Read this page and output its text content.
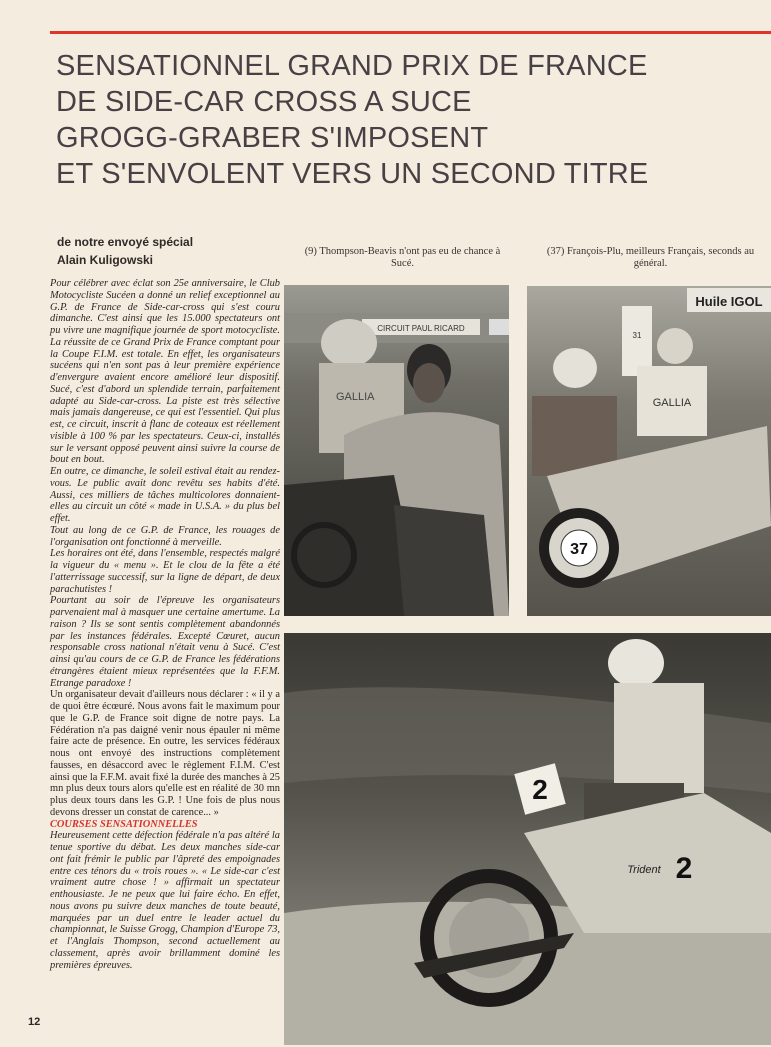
SENSATIONNEL GRAND PRIX DE FRANCE
DE SIDE-CAR CROSS A SUCE
GROGG-GRABER S'IMPOSENT
ET S'ENVOLENT VERS UN SECOND TITRE
de notre envoyé spécial
Alain Kuligowski
(9) Thompson-Beavis n'ont pas eu de chance à Sucé.
(37) François-Plu, meilleurs Français, seconds au général.
CIRCUIT PAUL RICARD
GALLIA
Huile IGOL
31
GALLIA
37
2
Trident 2

Pour célébrer avec éclat son 25e anniversaire, le Club Motocycliste Sucéen a donné un relief exceptionnel au G.P. de France de Side-car-cross qui s'est couru dimanche. C'est ainsi que les 15.000 spectateurs ont pu vivre une magnifique journée de sport motocycliste. La réussite de ce Grand Prix de France comptant pour la Coupe F.I.M. est totale. En effet, les organisateurs sucéens qui n'en sont pas à leur première expérience d'envergure avaient encore amélioré leur dispositif. Sucé, c'est d'abord un splendide terrain, parfaitement adapté au Side-car-cross. La piste est très sélective mais jamais dangereuse, ce qui est l'essentiel. Qui plus est, ce circuit, inscrit à flanc de coteaux est réellement visible à 100 % par les spectateurs. Ceux-ci, installés sur le versant opposé peuvent ainsi suivre la course de bout en bout.

En outre, ce dimanche, le soleil estival était au rendez-vous. Le public avait donc revêtu ses habits d'été. Aussi, ces milliers de tâches multicolores donnaient-elles au circuit un côté « made in U.S.A. » du plus bel effet.

Tout au long de ce G.P. de France, les rouages de l'organisation ont fonctionné à merveille.

Les horaires ont été, dans l'ensemble, respectés malgré la vigueur du « menu ». Et le clou de la fête a été l'atterrissage successif, sur la ligne de départ, de deux parachutistes !

Pourtant au soir de l'épreuve les organisateurs parvenaient mal à masquer une certaine amertume. La raison ? Ils se sont sentis complètement abandonnés par les instances fédérales. Excepté Cœuret, aucun responsable cross national n'était venu à Sucé. C'est ainsi qu'au cours de ce G.P. de France les fédérations étrangères étaient mieux représentées que la F.F.M. Etrange paradoxe !

Un organisateur devait d'ailleurs nous déclarer : « il y a de quoi être écœuré. Nous avons fait le maximum pour que le G.P. de France soit digne de notre pays. La Fédération n'a pas daigné venir nous épauler ni même faire acte de présence. En outre, les services fédéraux nous ont envoyé des instructions complètement fausses, en désaccord avec le règlement F.I.M. C'est ainsi que la F.F.M. avait fixé la durée des manches à 25 mn plus deux tours alors qu'elle est en réalité de 30 mn plus deux tours dans les G.P. ! Une fois de plus nous devons dresser un constat de carence... »

COURSES SENSATIONNELLES

Heureusement cette défection fédérale n'a pas altéré la tenue sportive du débat. Les deux manches side-car ont fait frémir le public par l'âpreté des empoignades entre ces ténors du « trois roues ». « Le side-car c'est vraiment autre chose ! » affirmait un spectateur enthousiaste. Je ne peux que lui faire écho. En effet, nous avons pu suivre deux manches de toute beauté, marquées par un duel entre le leader actuel du championnat, le Suisse Grogg, Champion d'Europe 73, et l'Anglais Thompson, second actuellement au classement, après avoir brillamment dominé les premières épreuves.

12
